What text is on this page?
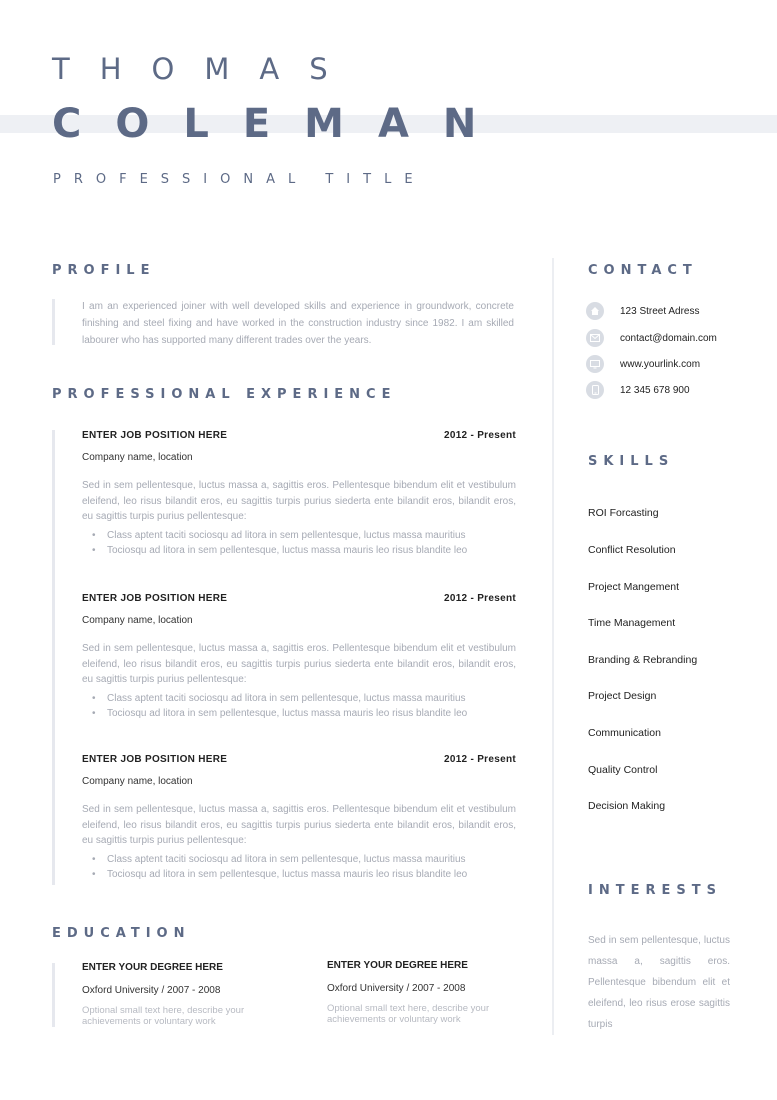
THOMAS
COLEMAN
PROFESSIONAL TITLE
PROFILE

I am an experienced joiner with well developed skills and experience in groundwork, concrete finishing and steel fixing and have worked in the construction industry since 1982. I am skilled labourer who has supported many different trades over the years.

PROFESSIONAL EXPERIENCE
ENTER JOB POSITION HERE	2012 - Present
Company name, location

Sed in sem pellentesque, luctus massa a, sagittis eros. Pellentesque bibendum elit et vestibulum eleifend, leo risus bilandit eros, eu sagittis turpis purius siederta ente bilandit eros, bilandit eros, eu sagittis turpis purius pellentesque:

• Class aptent taciti sociosqu ad litora in sem pellentesque, luctus massa mauritius
• Tociosqu ad litora in sem pellentesque, luctus massa mauris leo risus blandite leo
ENTER JOB POSITION HERE	2012 - Present
Company name, location

Sed in sem pellentesque, luctus massa a, sagittis eros. Pellentesque bibendum elit et vestibulum eleifend, leo risus bilandit eros, eu sagittis turpis purius siederta ente bilandit eros, bilandit eros, eu sagittis turpis purius pellentesque:

• Class aptent taciti sociosqu ad litora in sem pellentesque, luctus massa mauritius
• Tociosqu ad litora in sem pellentesque, luctus massa mauris leo risus blandite leo
ENTER JOB POSITION HERE	2012 - Present
Company name, location

Sed in sem pellentesque, luctus massa a, sagittis eros. Pellentesque bibendum elit et vestibulum eleifend, leo risus bilandit eros, eu sagittis turpis purius siederta ente bilandit eros, bilandit eros, eu sagittis turpis purius pellentesque:

• Class aptent taciti sociosqu ad litora in sem pellentesque, luctus massa mauritius
• Tociosqu ad litora in sem pellentesque, luctus massa mauris leo risus blandite leo
EDUCATION
ENTER YOUR DEGREE HERE
Oxford University / 2007 - 2008
Optional small text here, describe your achievements or voluntary work
ENTER YOUR DEGREE HERE
Oxford University / 2007 - 2008
Optional small text here, describe your achievements or voluntary work
CONTACT
123 Street Adress
contact@domain.com
www.yourlink.com
12 345 678 900
SKILLS
ROI Forcasting
Conflict Resolution
Project Mangement
Time Management
Branding & Rebranding
Project Design
Communication
Quality Control
Decision Making
INTERESTS

Sed in sem pellentesque, luctus massa a, sagittis eros. Pellentesque bibendum elit et eleifend, leo risus erose sagittis turpis
